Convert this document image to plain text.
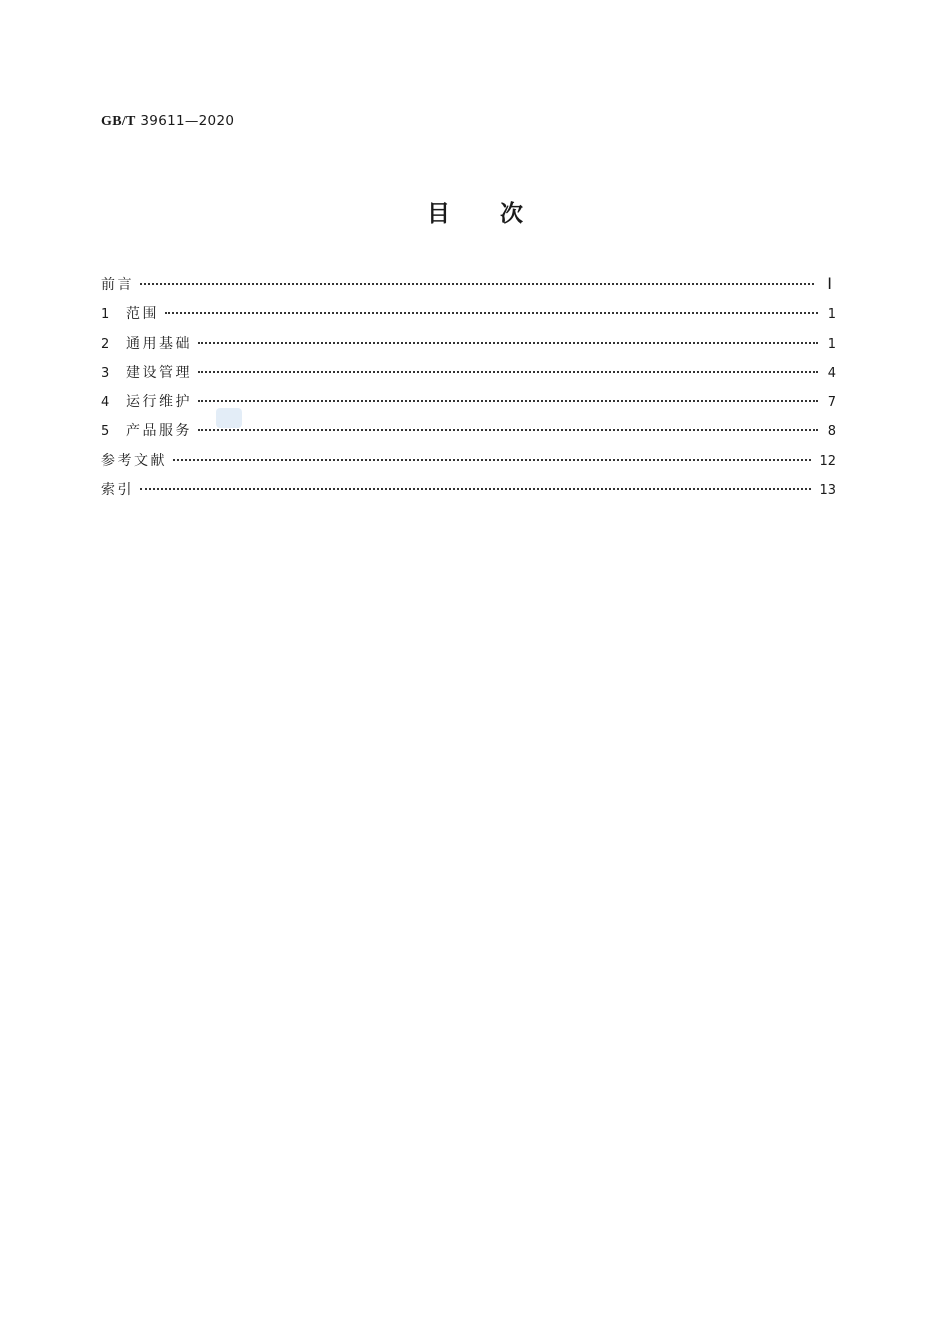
GB/T 39611—2020
目 次
前言	Ⅰ
1	范围	1
2	通用基础	1
3	建设管理	4
4	运行维护	7
5	产品服务	8
参考文献	12
索引	13
